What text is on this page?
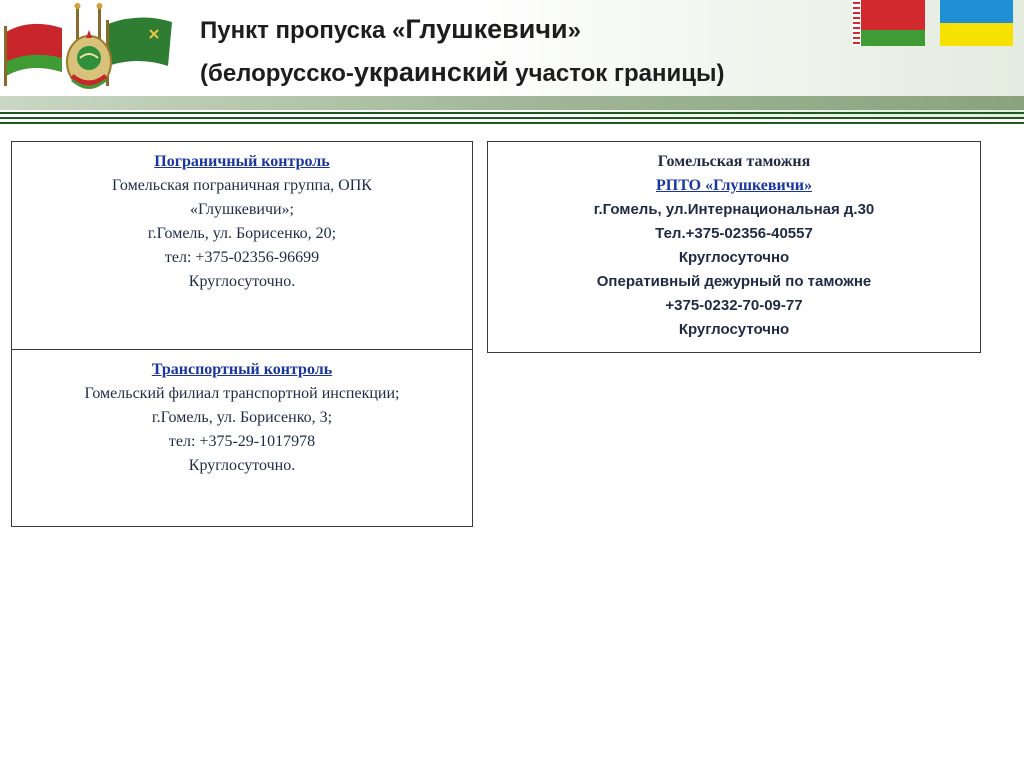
Пункт пропуска «Глушкевичи»
(белорусско-украинский участок границы)
Пограничный контроль
Гомельская пограничная группа, ОПК
«Глушкевичи»;
г.Гомель, ул. Борисенко, 20;
тел: +375-02356-96699
Круглосуточно.
Транспортный контроль
Гомельский филиал транспортной инспекции;
г.Гомель, ул. Борисенко, 3;
тел: +375-29-1017978
Круглосуточно.
Гомельская таможня
РПТО «Глушкевичи»
г.Гомель, ул.Интернациональная д.30
Тел.+375-02356-40557
Круглосуточно
Оперативный дежурный по таможне
+375-0232-70-09-77
Круглосуточно
